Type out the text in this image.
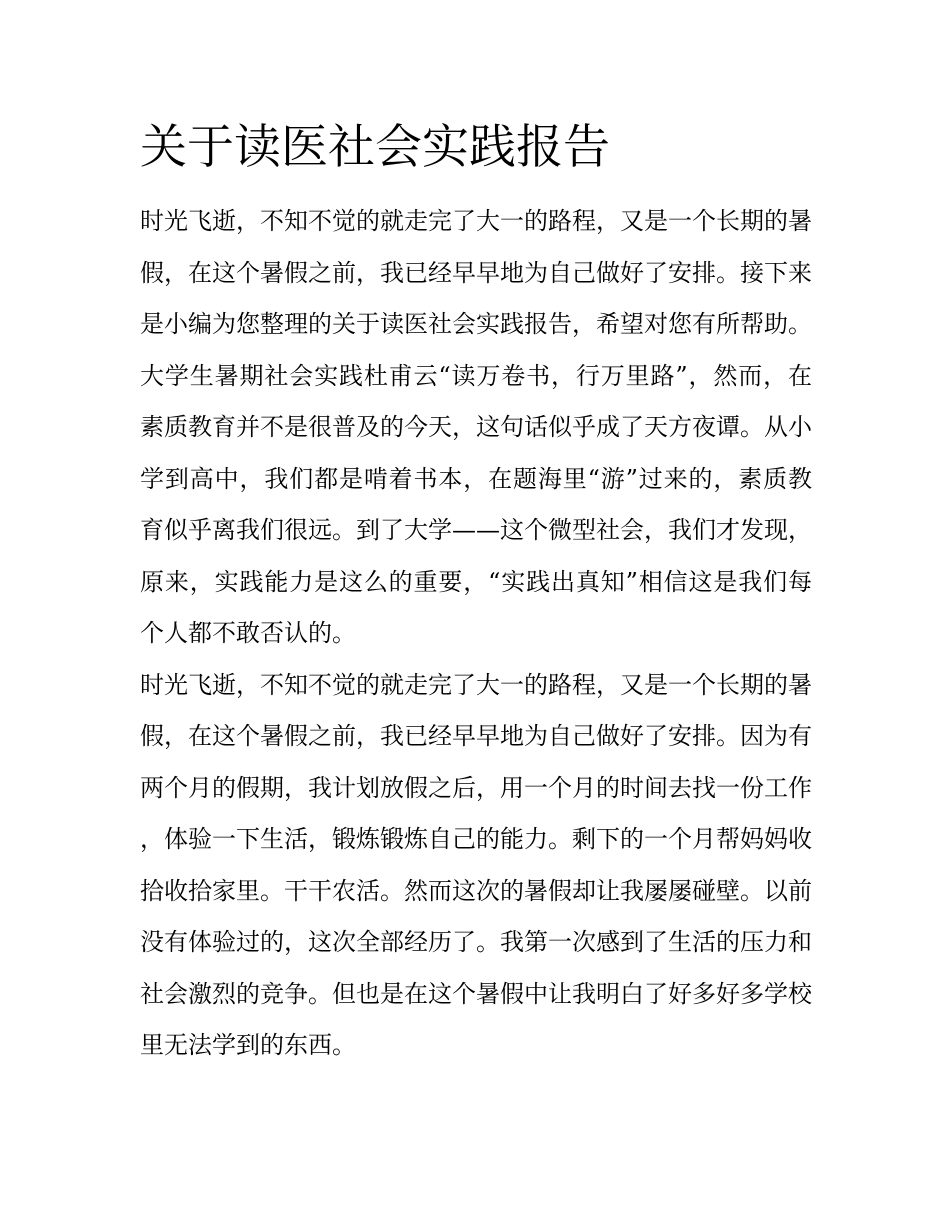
关于读医社会实践报告

时光飞逝，不知不觉的就走完了大一的路程，又是一个长期的暑假，在这个暑假之前，我已经早早地为自己做好了安排。接下来是小编为您整理的关于读医社会实践报告，希望对您有所帮助。

大学生暑期社会实践杜甫云“读万卷书，行万里路”，然而，在素质教育并不是很普及的今天，这句话似乎成了天方夜谭。从小学到高中，我们都是啃着书本，在题海里“游”过来的，素质教育似乎离我们很远。到了大学——这个微型社会，我们才发现，原来，实践能力是这么的重要，“实践出真知”相信这是我们每个人都不敢否认的。

时光飞逝，不知不觉的就走完了大一的路程，又是一个长期的暑假，在这个暑假之前，我已经早早地为自己做好了安排。因为有两个月的假期，我计划放假之后，用一个月的时间去找一份工作，体验一下生活，锻炼锻炼自己的能力。剩下的一个月帮妈妈收拾收拾家里。干干农活。然而这次的暑假却让我屡屡碰壁。以前没有体验过的，这次全部经历了。我第一次感到了生活的压力和社会激烈的竞争。但也是在这个暑假中让我明白了好多好多学校里无法学到的东西。
